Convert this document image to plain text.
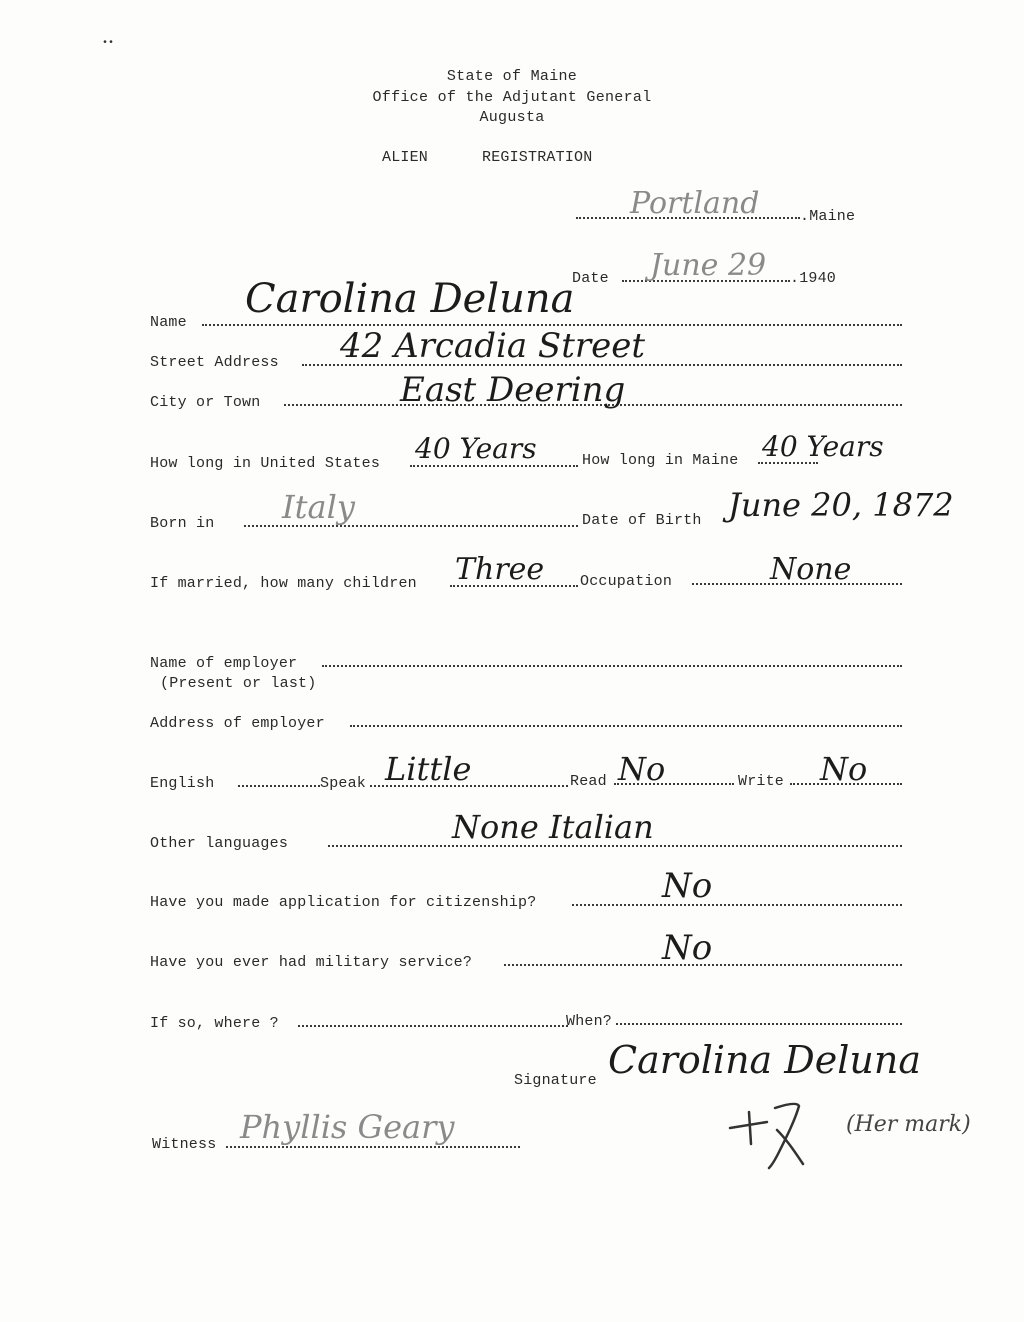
••
State of Maine
Office of the Adjutant General
Augusta
ALIEN	REGISTRATION
Portland	.Maine
Date June 29 .1940
Name
Carolina Deluna
Street Address 42 Arcadia Street
City or Town	East Deering
How long in United States 40 Years	How long in Maine 40 Years
Born in Italy	Date of Birth June 20, 1872
If married, how many children Three Occupation	None
Name of employer
(Present or last)
Address of employer
English	Speak Little	Read No	Write No
Other languages	None Italian
Have you made application for citizenship?	No
Have you ever had military service?	No
If so, where ?	When?
Signature Carolina Deluna
Witness Phyllis Geary	(Her mark)
